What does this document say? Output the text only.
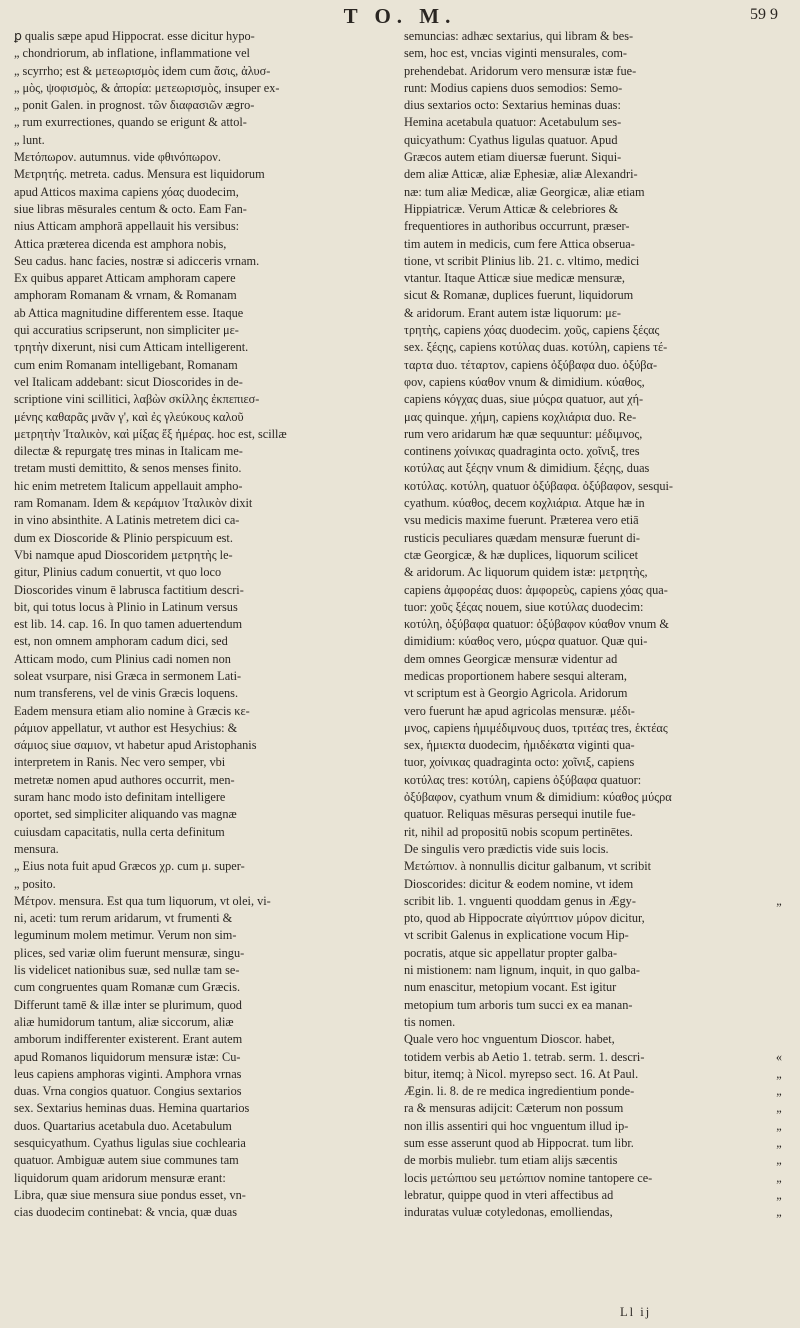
T O. M.	59 9
ꝑ qualis sæpe apud Hippocrat. esse dicitur hypo-
„ chondriorum, ab inflatione, inflammatione vel
„ scyrrho; est & μετεωρισμὸς idem cum ἄσις, ἀλυσ-
„ μὸς, ψοφισμὸς, & ἀπορία: μετεωρισμὸς, insuper ex-
„ ponit Galen. in prognost. τῶν διαφασιῶν ægro-
„ rum exurrectiones, quando se erigunt & attol-
„ lunt.
Μετόπωρον. autumnus. vide φθινόπωρον.
Μετρητής. metreta. cadus. Mensura est liquidorum
apud Atticos maxima capiens χόας duodecim,
siue libras mēsurales centum & octo. Eam Fan-
nius Atticam amphorā appellauit his versibus:
Attica præterea dicenda est amphora nobis,
Seu cadus. hanc facies, nostræ si adicceris vrnam.
Ex quibus apparet Atticam amphoram capere
amphoram Romanam & vrnam, & Romanam
ab Attica magnitudine differentem esse. Itaque
qui accuratius scripserunt, non simpliciter με-
τρητὴν dixerunt, nisi cum Atticam intelligerent.
cum enim Romanam intelligebant, Romanam
vel Italicam addebant: sicut Dioscorides in de-
scriptione vini scillitici, λαβὼν σκίλλης ἐκπεπιεσ-
μένης καθαρᾶς μνᾶν γ', καὶ ἐς γλεύκους καλοῦ
μετρητὴν Ἰταλικὸν, καὶ μίξας ἕξ ἡμέρας. hoc est, scillæ
dilectæ & repurgatę tres minas in Italicam me-
tretam musti demittito, & senos menses finito.
hic enim metretem Italicum appellauit ampho-
ram Romanam. Idem & κεράμιον Ἰταλικὸν dixit
in vino absinthite. A Latinis metretem dici ca-
dum ex Dioscoride & Plinio perspicuum est.
Vbi namque apud Dioscoridem μετρητὴς le-
gitur, Plinius cadum conuertit, vt quo loco
Dioscorides vinum ē labrusca factitium descri-
bit, qui totus locus à Plinio in Latinum versus
est lib. 14. cap. 16. In quo tamen aduertendum
est, non omnem amphoram cadum dici, sed
Atticam modo, cum Plinius cadi nomen non
soleat vsurpare, nisi Græca in sermonem Lati-
num transferens, vel de vinis Græcis loquens.
Eadem mensura etiam alio nomine à Græcis κε-
ράμιον appellatur, vt author est Hesychius: &
σάμιος siue σαμιον, vt habetur apud Aristophanis
interpretem in Ranis. Nec vero semper, vbi
metretæ nomen apud authores occurrit, men-
suram hanc modo isto definitam intelligere
oportet, sed simpliciter aliquando vas magnæ
cuiusdam capacitatis, nulla certa definitum
mensura.
„ Eius nota fuit apud Græcos χρ. cum μ. super-
„ posito.
Μέτρον. mensura. Est qua tum liquorum, vt olei, vi-
ni, aceti: tum rerum aridarum, vt frumenti &
leguminum molem metimur. Verum non sim-
plices, sed variæ olim fuerunt mensuræ, singu-
lis videlicet nationibus suæ, sed nullæ tam se-
cum congruentes quam Romanæ cum Græcis.
Differunt tamē & illæ inter se plurimum, quod
aliæ humidorum tantum, aliæ siccorum, aliæ
amborum indifferenter existerent. Erant autem
apud Romanos liquidorum mensuræ istæ: Cu-
leus capiens amphoras viginti. Amphora vrnas
duas. Vrna congios quatuor. Congius sextarios
sex. Sextarius heminas duas. Hemina quartarios
duos. Quartarius acetabula duo. Acetabulum
sesquicyathum. Cyathus ligulas siue cochlearia
quatuor. Ambiguæ autem siue communes tam
liquidorum quam aridorum mensuræ erant:
Libra, quæ siue mensura siue pondus esset, vn-
cias duodecim continebat: & vncia, quæ duas
semuncias: adhæc sextarius, qui libram & bes-
sem, hoc est, vncias viginti mensurales, com-
prehendebat. Aridorum vero mensuræ istæ fue-
runt: Modius capiens duos semodios: Semo-
dius sextarios octo: Sextarius heminas duas:
Hemina acetabula quatuor: Acetabulum ses-
quicyathum: Cyathus ligulas quatuor. Apud
Græcos autem etiam diuersæ fuerunt. Siqui-
dem aliæ Atticæ, aliæ Ephesiæ, aliæ Alexandri-
næ: tum aliæ Medicæ, aliæ Georgicæ, aliæ etiam
Hippiatricæ. Verum Atticæ & celebriores &
frequentiores in authoribus occurrunt, præser-
tim autem in medicis, cum fere Attica obserua-
tione, vt scribit Plinius lib. 21. c. vltimo, medici
vtantur. Itaque Atticæ siue medicæ mensuræ,
sicut & Romanæ, duplices fuerunt, liquidorum
& aridorum. Erant autem istæ liquorum: με-
τρητὴς, capiens χόας duodecim. χοῦς, capiens ξέςας
sex. ξέςης, capiens κοτύλας duas. κοτύλη, capiens τέ-
ταρτα duo. τέταρτον, capiens ὀξύβαφα duo. ὀξύβα-
φον, capiens κύαθον vnum & dimidium. κύαθος,
capiens κόγχας duas, siue μύςρα quatuor, aut χή-
μας quinque. χήμη, capiens κοχλιάρια duo. Re-
rum vero aridarum hæ quæ sequuntur: μέδιμνος,
continens χοίνικας quadraginta octo. χοῖνιξ, tres
κοτύλας aut ξέςην vnum & dimidium. ξέςης, duas
κοτύλας. κοτύλη, quatuor ὀξύβαφα. ὀξύβαφον, sesqui-
cyathum. κύαθος, decem κοχλιάρια. Atque hæ in
vsu medicis maxime fuerunt. Præterea vero etiā
rusticis peculiares quædam mensuræ fuerunt di-
ctæ Georgicæ, & hæ duplices, liquorum scilicet
& aridorum. Ac liquorum quidem istæ: μετρητὴς,
capiens ἀμφορέας duos: ἀμφορεὺς, capiens χόας qua-
tuor: χοῦς ξέςας nouem, siue κοτύλας duodecim:
κοτύλη, ὀξύβαφα quatuor: ὀξύβαφον κύαθον vnum &
dimidium: κύαθος vero, μύςρα quatuor. Quæ qui-
dem omnes Georgicæ mensuræ videntur ad
medicas proportionem habere sesqui alteram,
vt scriptum est à Georgio Agricola. Aridorum
vero fuerunt hæ apud agricolas mensuræ. μέδι-
μνος, capiens ἡμιμέδιμνους duos, τριτέας tres, ἑκτέας
sex, ἡμιεκτα duodecim, ἡμιδέκατα viginti qua-
tuor, χοίνικας quadraginta octo: χοῖνιξ, capiens
κοτύλας tres: κοτύλη, capiens ὀξύβαφα quatuor:
ὀξύβαφον, cyathum vnum & dimidium: κύαθος μύςρα
quatuor. Reliquas mēsuras persequi inutile fue-
rit, nihil ad propositū nobis scopum pertinētes.
De singulis vero prædictis vide suis locis.
Μετώπιον. à nonnullis dicitur galbanum, vt scribit
Dioscorides: dicitur & eodem nomine, vt idem
scribit lib. 1. vnguenti quoddam genus in Ægy-	„
pto, quod ab Hippocrate αἰγύπτιον μύρον dicitur,
vt scribit Galenus in explicatione vocum Hip-
pocratis, atque sic appellatur propter galba-
ni mistionem: nam lignum, inquit, in quo galba-
num enascitur, metopium vocant. Est igitur
metopium tum arboris tum succi ex ea manan-
tis nomen.
Quale vero hoc vnguentum Dioscor. habet,
totidem verbis ab Aetio 1. tetrab. serm. 1. descri-	«
bitur, itemq; à Nicol. myrepso sect. 16. At Paul.	„
Ægin. li. 8. de re medica ingredientium ponde-	„
ra & mensuras adijcit: Cæterum non possum	„
non illis assentiri qui hoc vnguentum illud ip-	„
sum esse asserunt quod ab Hippocrat. tum libr.	„
de morbis muliebr. tum etiam alijs sæcentis	„
locis μετώπιου seu μετώπιον nomine tantopere ce-	„
lebratur, quippe quod in vteri affectibus ad	„
induratas vuluæ cotyledonas, emolliendas,	„
Ll ij
